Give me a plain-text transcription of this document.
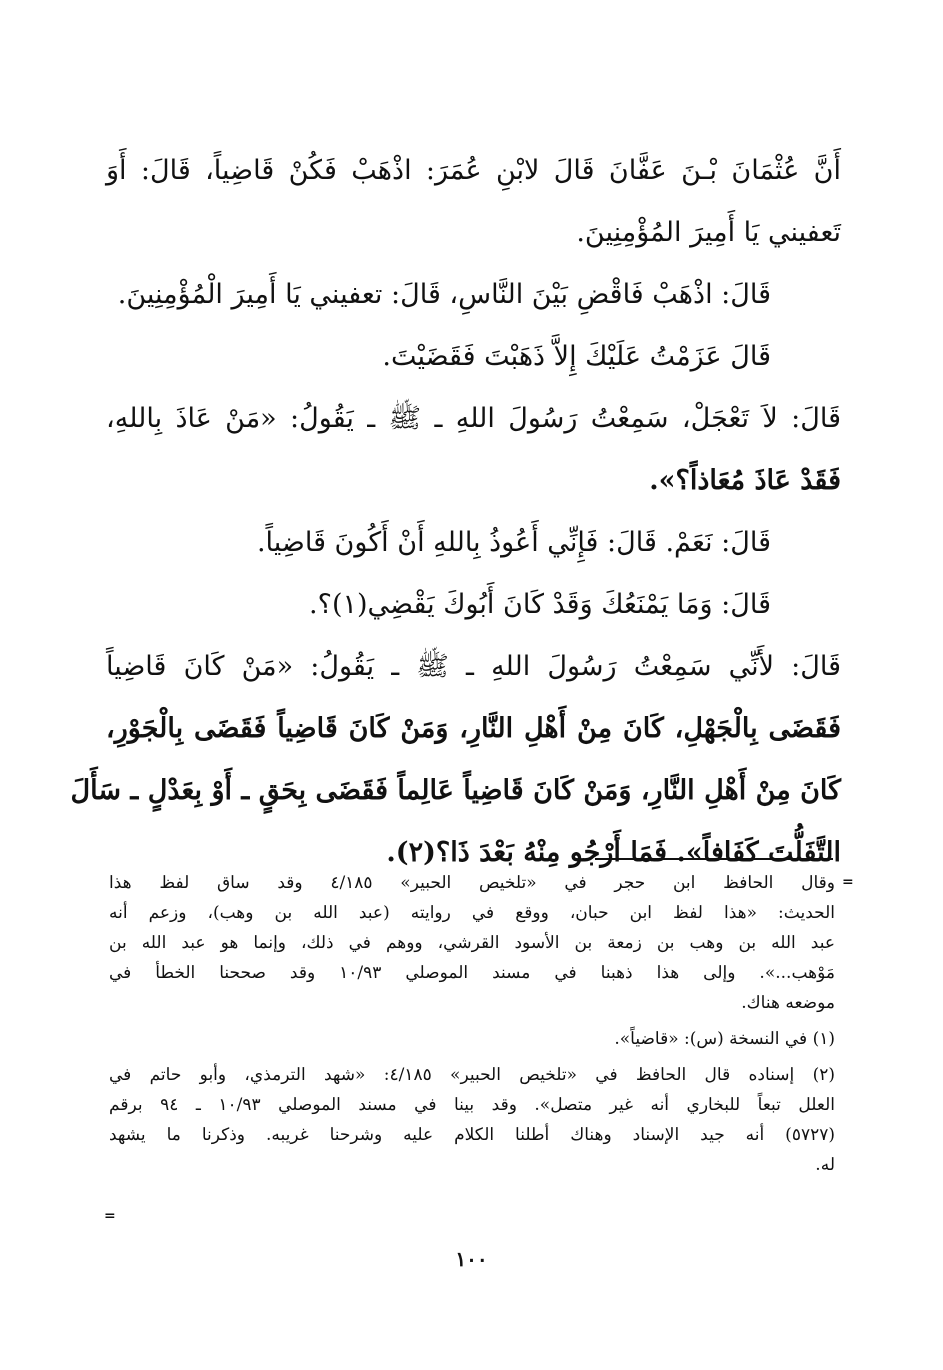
أَنَّ عُثْمَانَ بْـنَ عَفَّانَ قَالَ لابْنِ عُمَرَ: اذْهَبْ فَكُنْ قَاضِياً، قَالَ: أَوَ
تَعفيني يَا أَمِيرَ المُؤْمِنِينَ.
قَالَ: اذْهَبْ فَاقْضِ بَيْنَ النَّاسِ، قَالَ: تعفيني يَا أَمِيرَ الْمُؤْمِنِينَ.
قَالَ عَزَمْتُ عَلَيْكَ إِلاَّ ذَهَبْتَ فَقَضَيْتَ.
قَالَ: لاَ تَعْجَلْ، سَمِعْتُ رَسُولَ اللهِ ـ ﷺ ـ يَقُولُ: «مَنْ عَاذَ بِاللهِ،
فَقَدْ عَاذَ مُعَاذاً؟».
قَالَ: نَعَمْ. قَالَ: فَإِنِّي أَعُوذُ بِاللهِ أَنْ أَكُونَ قَاضِياً.
قَالَ: وَمَا يَمْنَعُكَ وَقَدْ كَانَ أَبُوكَ يَقْضِي(١)؟.
قَالَ: لأَنِّي سَمِعْتُ رَسُولَ اللهِ ـ ﷺ ـ يَقُولُ: «مَنْ كَانَ قَاضِياً
فَقَضَى بِالْجَهْلِ، كَانَ مِنْ أَهْلِ النَّارِ، وَمَنْ كَانَ قَاضِياً فَقَضَى بِالْجَوْرِ،
كَانَ مِنْ أَهْلِ النَّارِ، وَمَنْ كَانَ قَاضِياً عَالِماً فَقَضَى بِحَقٍ ـ أَوْ بِعَدْلٍ ـ سَأَلَ
التَّفَلُّتَ كَفَافاً». فَمَا أَرْجُو مِنْهُ بَعْدَ ذَا؟(٢).
=
وقال الحافظ ابن حجر في «تلخيص الحبير» ٤/١٨٥ وقد ساق لفظ هذا
الحديث: «هذا لفظ ابن حبان، ووقع في روايته (عبد الله بن وهب)، وزعم أنه
عبد الله بن وهب بن زمعة بن الأسود القرشي، ووهم في ذلك، وإنما هو عبد الله بن
مَوْهب...». وإلى هذا ذهبنا في مسند الموصلي ١٠/٩٣ وقد صححنا الخطأ في
موضعه هناك.
(١) في النسخة (س): «قاضياً».
(٢) إسناده قال الحافظ في «تلخيص الحبير» ٤/١٨٥: «شهد الترمذي، وأبو حاتم في
العلل تبعاً للبخاري أنه غير متصل». وقد بينا في مسند الموصلي ١٠/٩٣ ـ ٩٤ برقم
(٥٧٢٧) أنه جيد الإسناد وهناك أطلنا الكلام عليه وشرحنا غريبه. وذكرنا ما يشهد
له.
=
١٠٠
